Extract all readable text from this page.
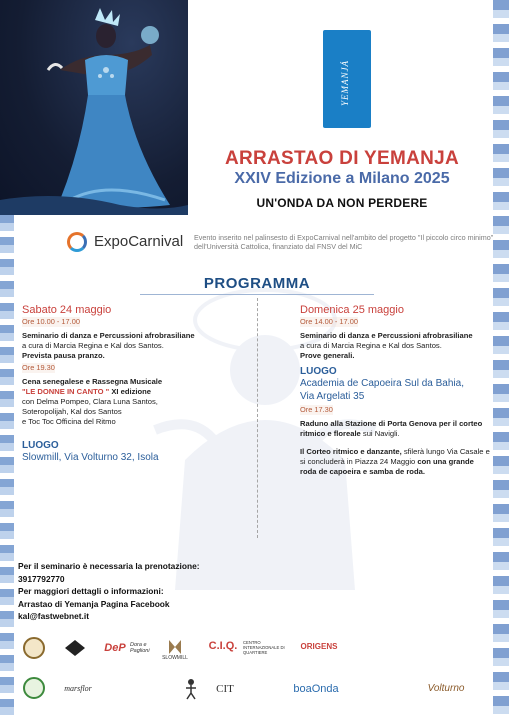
YEMANJÁ
Arrastão
ARRASTAO DI YEMANJA
XXIV Edizione a Milano 2025
UN'ONDA DA NON PERDERE
ExpoCarnival Evento inserito nel palinsesto di ExpoCarnival nell'ambito del progetto "Il piccolo circo minimo" dell'Università Cattolica, finanziato dal FNSV del MiC
PROGRAMMA
Sabato 24 maggio
Ore 10.00 - 17.00
Seminario di danza e Percussioni afrobrasiliane
a cura di Marcia Regina e Kal dos Santos.
Prevista pausa pranzo.
Ore 19.30
Cena senegalese e Rassegna Musicale
"LE DONNE IN CANTO " XI edizione
con Delma Pompeo, Clara Luna Santos,
Soteropolijah, Kal dos Santos
e Toc Toc Officina del Ritmo
LUOGO
Slowmill, Via Volturno 32, Isola
Domenica 25 maggio
Ore 14.00 - 17.00
Seminario di danza e Percussioni afrobrasiliane
a cura di Marcia Regina e Kal dos Santos.
Prove generali.
LUOGO
Academia de Capoeira Sul da Bahia,
Via Argelati 35
Ore 17.30
Raduno alla Stazione di Porta Genova per il corteo ritmico e floreale sui Navigli.
Il Corteo ritmico e danzante, sfilerà lungo Via Casale e si concluderà in Piazza 24 Maggio con una grande roda de capoeira e samba de roda.
Per il seminario è necessaria la prenotazione:
3917792770
Per maggiori dettagli o informazioni:
Arrastao di Yemanja Pagina Facebook
kal@fastwebnet.it
DeP Dora e Paglioni
SLOWMILL
C.I.Q. CENTRO INTERNAZIONALE DI QUARTIERE
ORIGENS
marsflor	CIT	boaOnda	Volturno
